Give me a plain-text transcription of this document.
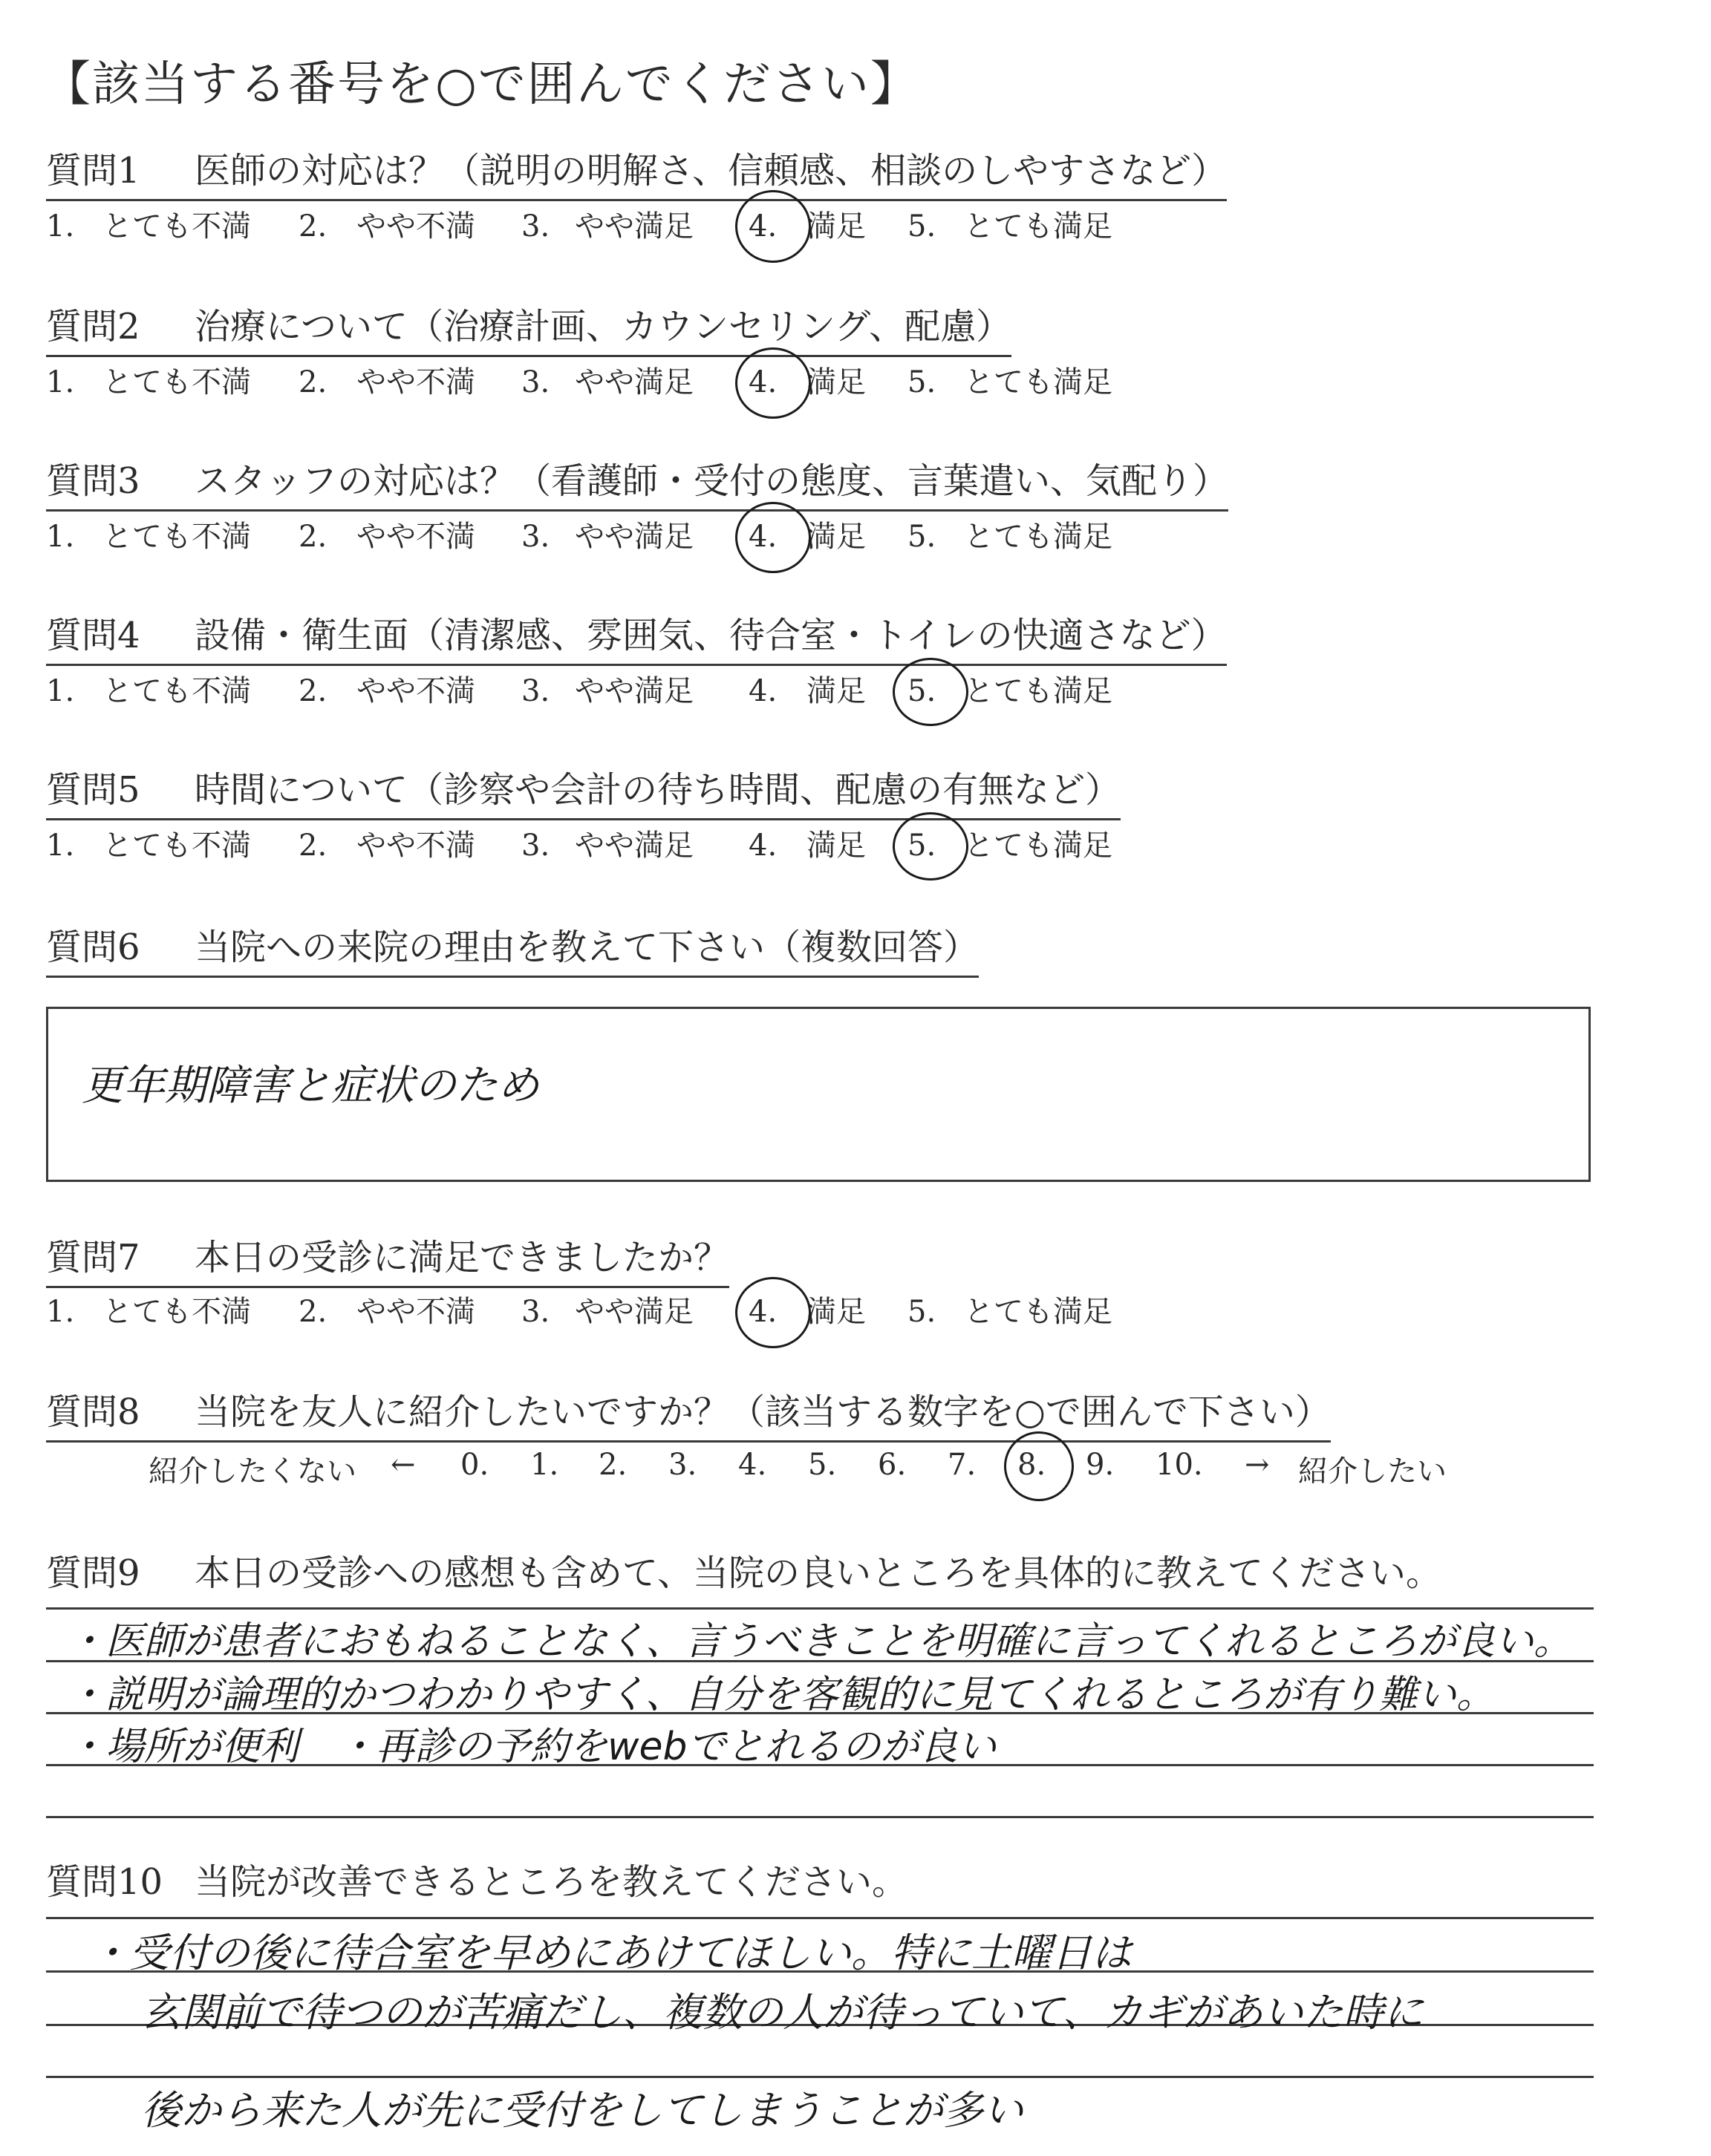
【該当する番号を○で囲んでください】
質問1 医師の対応は？（説明の明解さ、信頼感、相談のしやすさなど）
1. とても不満 2. やや不満 3. やや満足 4. 満足 5. とても満足
質問2 治療について（治療計画、カウンセリング、配慮）
1. とても不満 2. やや不満 3. やや満足 4. 満足 5. とても満足
質問3 スタッフの対応は？（看護師・受付の態度、言葉遣い、気配り）
1. とても不満 2. やや不満 3. やや満足 4. 満足 5. とても満足
質問4 設備・衛生面（清潔感、雰囲気、待合室・トイレの快適さなど）
1. とても不満 2. やや不満 3. やや満足 4. 満足 5. とても満足
質問5 時間について（診察や会計の待ち時間、配慮の有無など）
1. とても不満 2. やや不満 3. やや満足 4. 満足 5. とても満足
質問6 当院への来院の理由を教えて下さい（複数回答）
更年期障害と症状のため
質問7 本日の受診に満足できましたか？
1. とても不満 2. やや不満 3. やや満足 4. 満足 5. とても満足
質問8 当院を友人に紹介したいですか？（該当する数字を○で囲んで下さい）
紹介したくない ← 0. 1. 2. 3. 4. 5. 6. 7. 8. 9. 10. → 紹介したい
質問9 本日の受診への感想も含めて、当院の良いところを具体的に教えてください。
・医師が患者におもねることなく、言うべきことを明確に言ってくれるところが良い。
・説明が論理的かつわかりやすく、自分を客観的に見てくれるところが有り難い。
・場所が便利　・再診の予約をwebでとれるのが良い
質問10 当院が改善できるところを教えてください。
・受付の後に待合室を早めにあけてほしい。特に土曜日は
玄関前で待つのが苦痛だし、複数の人が待っていて、カギがあいた時に
後から来た人が先に受付をしてしまうことが多い
